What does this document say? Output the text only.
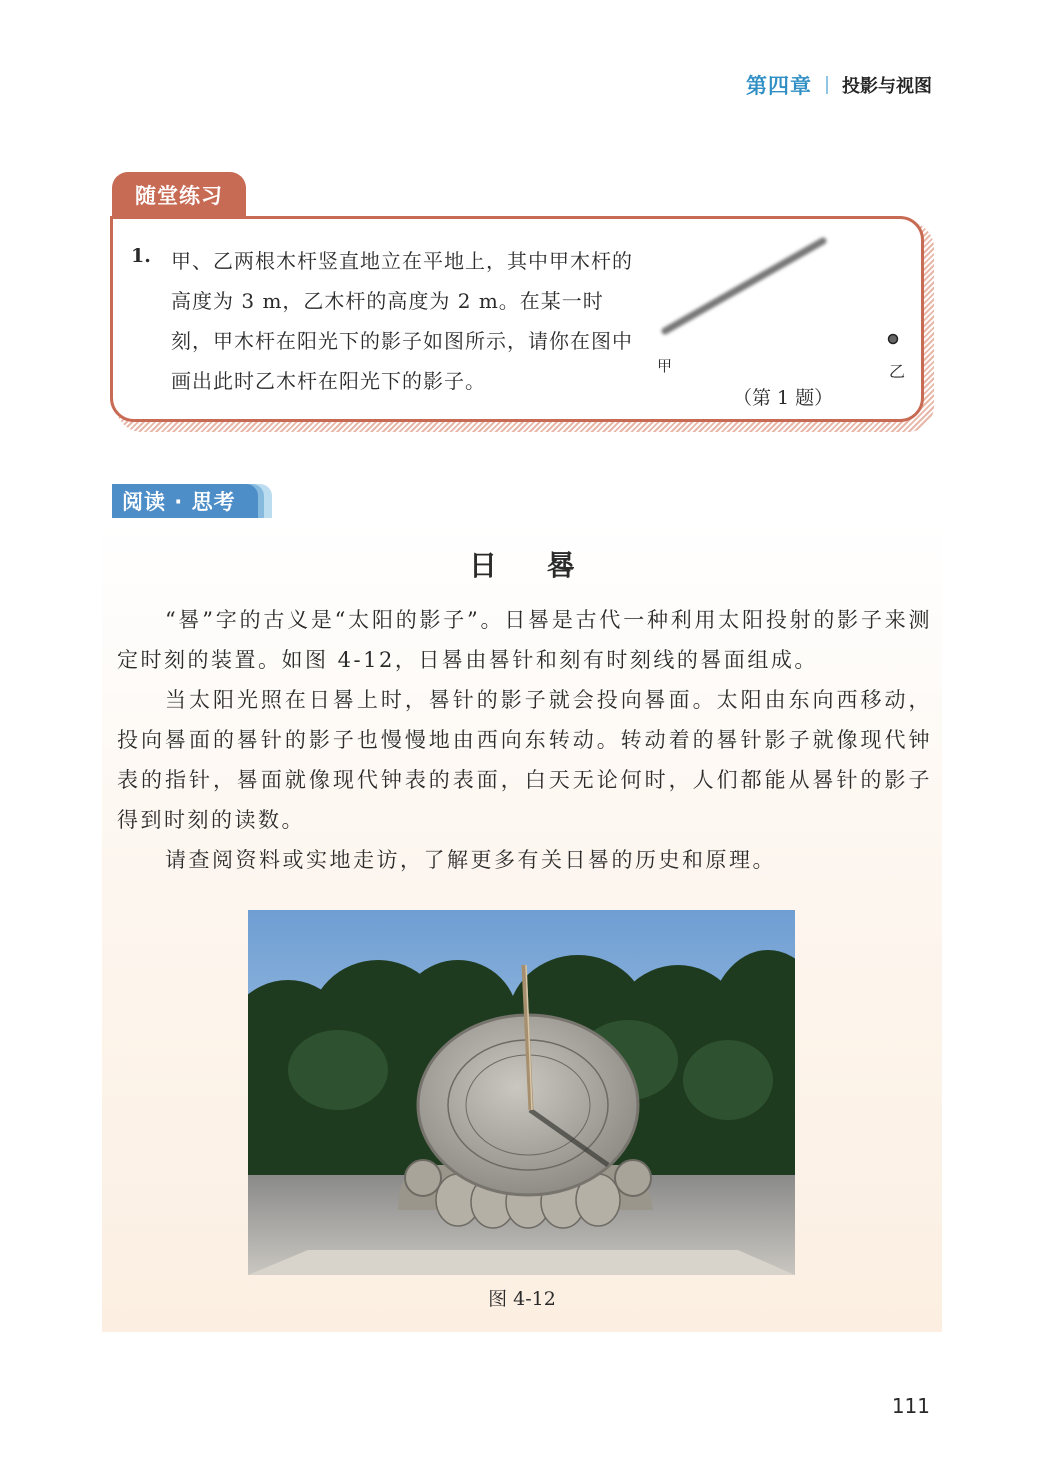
第四章 投影与视图
随堂练习
1. 甲、乙两根木杆竖直地立在平地上，其中甲木杆的高度为 3 m，乙木杆的高度为 2 m。在某一时刻，甲木杆在阳光下的影子如图所示，请你在图中画出此时乙木杆在阳光下的影子。
甲	乙
（第 1 题）
阅读 · 思考
日晷

“晷”字的古义是“太阳的影子”。日晷是古代一种利用太阳投射的影子来测定时刻的装置。如图 4-12，日晷由晷针和刻有时刻线的晷面组成。

当太阳光照在日晷上时，晷针的影子就会投向晷面。太阳由东向西移动，投向晷面的晷针的影子也慢慢地由西向东转动。转动着的晷针影子就像现代钟表的指针，晷面就像现代钟表的表面，白天无论何时，人们都能从晷针的影子得到时刻的读数。

请查阅资料或实地走访，了解更多有关日晷的历史和原理。

图 4-12
111
